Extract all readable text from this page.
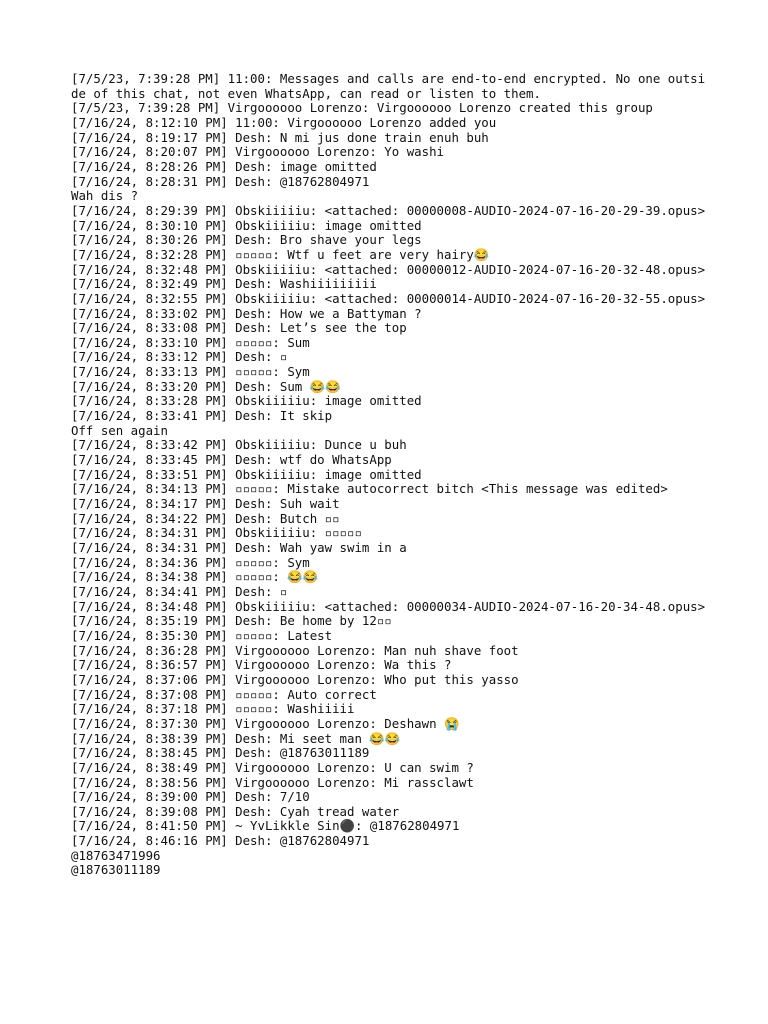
[7/5/23, 7:39:28 PM] 11:00: Messages and calls are end-to-end encrypted. No one outside of this chat, not even WhatsApp, can read or listen to them.
[7/5/23, 7:39:28 PM] Virgoooooo Lorenzo: Virgoooooo Lorenzo created this group
[7/16/24, 8:12:10 PM] 11:00: Virgoooooo Lorenzo added you
[7/16/24, 8:19:17 PM] Desh: N mi jus done train enuh buh
[7/16/24, 8:20:07 PM] Virgoooooo Lorenzo: Yo washi
[7/16/24, 8:28:26 PM] Desh: image omitted
[7/16/24, 8:28:31 PM] Desh: @18762804971
Wah dis ?
[7/16/24, 8:29:39 PM] Obskiiiiiu: <attached: 00000008-AUDIO-2024-07-16-20-29-39.opus>
[7/16/24, 8:30:10 PM] Obskiiiiiu: image omitted
[7/16/24, 8:30:26 PM] Desh: Bro shave your legs
[7/16/24, 8:32:28 PM] ▫▫▫▫▫: Wtf u feet are very hairy😂
[7/16/24, 8:32:48 PM] Obskiiiiiu: <attached: 00000012-AUDIO-2024-07-16-20-32-48.opus>
[7/16/24, 8:32:49 PM] Desh: Washiiiiiiiii
[7/16/24, 8:32:55 PM] Obskiiiiiu: <attached: 00000014-AUDIO-2024-07-16-20-32-55.opus>
[7/16/24, 8:33:02 PM] Desh: How we a Battyman ?
[7/16/24, 8:33:08 PM] Desh: Let’s see the top
[7/16/24, 8:33:10 PM] ▫▫▫▫▫: Sum
[7/16/24, 8:33:12 PM] Desh: ▫
[7/16/24, 8:33:13 PM] ▫▫▫▫▫: Sym
[7/16/24, 8:33:20 PM] Desh: Sum 😂😂
[7/16/24, 8:33:28 PM] Obskiiiiiu: image omitted
[7/16/24, 8:33:41 PM] Desh: It skip
Off sen again
[7/16/24, 8:33:42 PM] Obskiiiiiu: Dunce u buh
[7/16/24, 8:33:45 PM] Desh: wtf do WhatsApp
[7/16/24, 8:33:51 PM] Obskiiiiiu: image omitted
[7/16/24, 8:34:13 PM] ▫▫▫▫▫: Mistake autocorrect bitch <This message was edited>
[7/16/24, 8:34:17 PM] Desh: Suh wait
[7/16/24, 8:34:22 PM] Desh: Butch ▫▫
[7/16/24, 8:34:31 PM] Obskiiiiiu: ▫▫▫▫▫
[7/16/24, 8:34:31 PM] Desh: Wah yaw swim in a
[7/16/24, 8:34:36 PM] ▫▫▫▫▫: Sym
[7/16/24, 8:34:38 PM] ▫▫▫▫▫: 😂😂
[7/16/24, 8:34:41 PM] Desh: ▫
[7/16/24, 8:34:48 PM] Obskiiiiiu: <attached: 00000034-AUDIO-2024-07-16-20-34-48.opus>
[7/16/24, 8:35:19 PM] Desh: Be home by 12▫▫
[7/16/24, 8:35:30 PM] ▫▫▫▫▫: Latest
[7/16/24, 8:36:28 PM] Virgoooooo Lorenzo: Man nuh shave foot
[7/16/24, 8:36:57 PM] Virgoooooo Lorenzo: Wa this ?
[7/16/24, 8:37:06 PM] Virgoooooo Lorenzo: Who put this yasso
[7/16/24, 8:37:08 PM] ▫▫▫▫▫: Auto correct
[7/16/24, 8:37:18 PM] ▫▫▫▫▫: Washiiiii
[7/16/24, 8:37:30 PM] Virgoooooo Lorenzo: Deshawn 😭
[7/16/24, 8:38:39 PM] Desh: Mi seet man 😂😂
[7/16/24, 8:38:45 PM] Desh: @18763011189
[7/16/24, 8:38:49 PM] Virgoooooo Lorenzo: U can swim ?
[7/16/24, 8:38:56 PM] Virgoooooo Lorenzo: Mi rassclawt
[7/16/24, 8:39:00 PM] Desh: 7/10
[7/16/24, 8:39:08 PM] Desh: Cyah tread water
[7/16/24, 8:41:50 PM] ~ YvLikkle Sin⚫: @18762804971
[7/16/24, 8:46:16 PM] Desh: @18762804971
@18763471996
@18763011189
